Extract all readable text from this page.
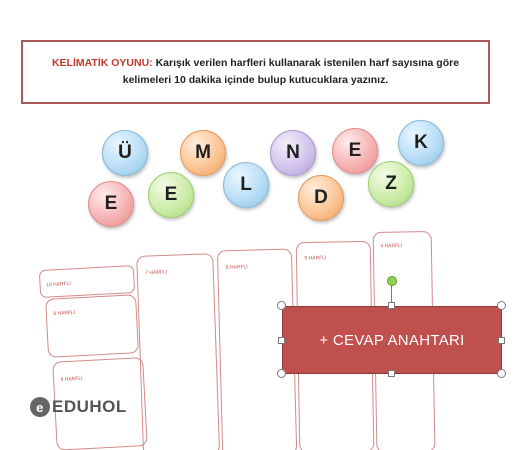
KELİMATİK OYUNU: Karışık verilen harfleri kullanarak istenilen harf sayısına göre
kelimeleri 10 dakika içinde bulup kutucuklara yazınız.

Ü	M	N	E	K
E	E	L
D
Z
10 HARFLİ
9 HARFLİ
8 HARFLİ
7 HARFLİ
6 HARFLİ
5 HARFLİ
4 HARFLİ
+ CEVAP ANAHTARI
e EDUHOL
